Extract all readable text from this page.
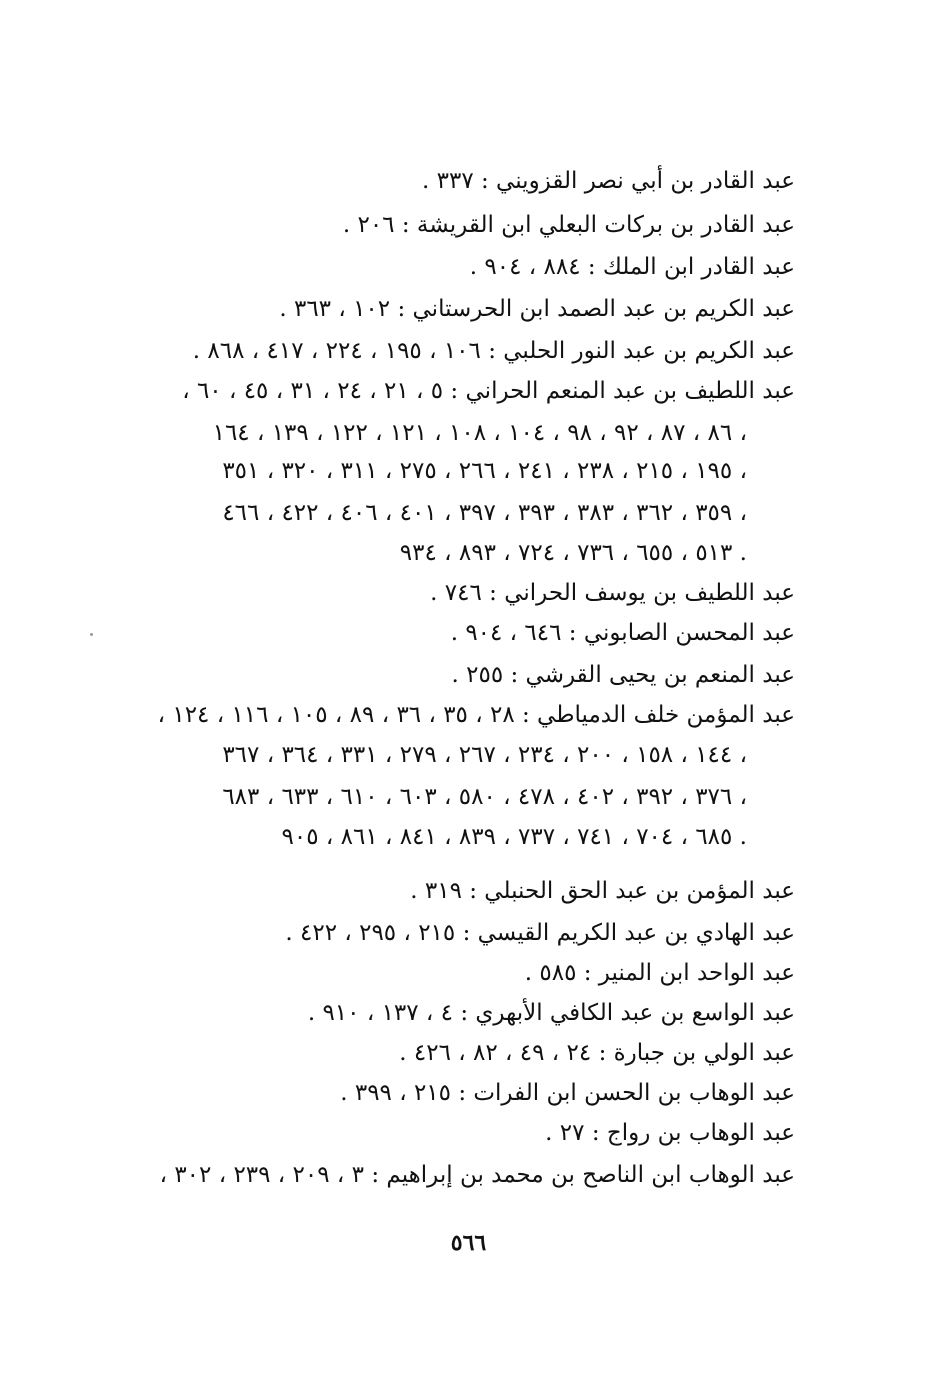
عبد القادر بن أبي نصر القزويني : ٣٣٧ .
عبد القادر بن بركات البعلي ابن القريشة : ٢٠٦ .
عبد القادر ابن الملك : ٨٨٤ ، ٩٠٤ .
عبد الكريم بن عبد الصمد ابن الحرستاني : ١٠٢ ، ٣٦٣ .
عبد الكريم بن عبد النور الحلبي : ١٠٦ ، ١٩٥ ، ٢٢٤ ، ٤١٧ ، ٨٦٨ .
عبد اللطيف بن عبد المنعم الحراني : ٥ ، ٢١ ، ٢٤ ، ٣١ ، ٤٥ ، ٦٠ ،
٨٦ ، ٨٧ ، ٩٢ ، ٩٨ ، ١٠٤ ، ١٠٨ ، ١٢١ ، ١٢٢ ، ١٣٩ ، ١٦٤ ،
١٩٥ ، ٢١٥ ، ٢٣٨ ، ٢٤١ ، ٢٦٦ ، ٢٧٥ ، ٣١١ ، ٣٢٠ ، ٣٥١ ،
٣٥٩ ، ٣٦٢ ، ٣٨٣ ، ٣٩٣ ، ٣٩٧ ، ٤٠١ ، ٤٠٦ ، ٤٢٢ ، ٤٦٦ ،
٥١٣ ، ٦٥٥ ، ٧٣٦ ، ٧٢٤ ، ٨٩٣ ، ٩٣٤ .
عبد اللطيف بن يوسف الحراني : ٧٤٦ .
عبد المحسن الصابوني : ٦٤٦ ، ٩٠٤ .
عبد المنعم بن يحيى القرشي : ٢٥٥ .
عبد المؤمن خلف الدمياطي : ٢٨ ، ٣٥ ، ٣٦ ، ٨٩ ، ١٠٥ ، ١١٦ ، ١٢٤ ،
١٤٤ ، ١٥٨ ، ٢٠٠ ، ٢٣٤ ، ٢٦٧ ، ٢٧٩ ، ٣٣١ ، ٣٦٤ ، ٣٦٧ ،
٣٧٦ ، ٣٩٢ ، ٤٠٢ ، ٤٧٨ ، ٥٨٠ ، ٦٠٣ ، ٦١٠ ، ٦٣٣ ، ٦٨٣ ،
٦٨٥ ، ٧٠٤ ، ٧٤١ ، ٧٣٧ ، ٨٣٩ ، ٨٤١ ، ٨٦١ ، ٩٠٥ .
عبد المؤمن بن عبد الحق الحنبلي : ٣١٩ .
عبد الهادي بن عبد الكريم القيسي : ٢١٥ ، ٢٩٥ ، ٤٢٢ .
عبد الواحد ابن المنير : ٥٨٥ .
عبد الواسع بن عبد الكافي الأبهري : ٤ ، ١٣٧ ، ٩١٠ .
عبد الولي بن جبارة : ٢٤ ، ٤٩ ، ٨٢ ، ٤٢٦ .
عبد الوهاب بن الحسن ابن الفرات : ٢١٥ ، ٣٩٩ .
عبد الوهاب بن رواج : ٢٧ .
عبد الوهاب ابن الناصح بن محمد بن إبراهيم : ٣ ، ٢٠٩ ، ٢٣٩ ، ٣٠٢ ،
٥٦٦
